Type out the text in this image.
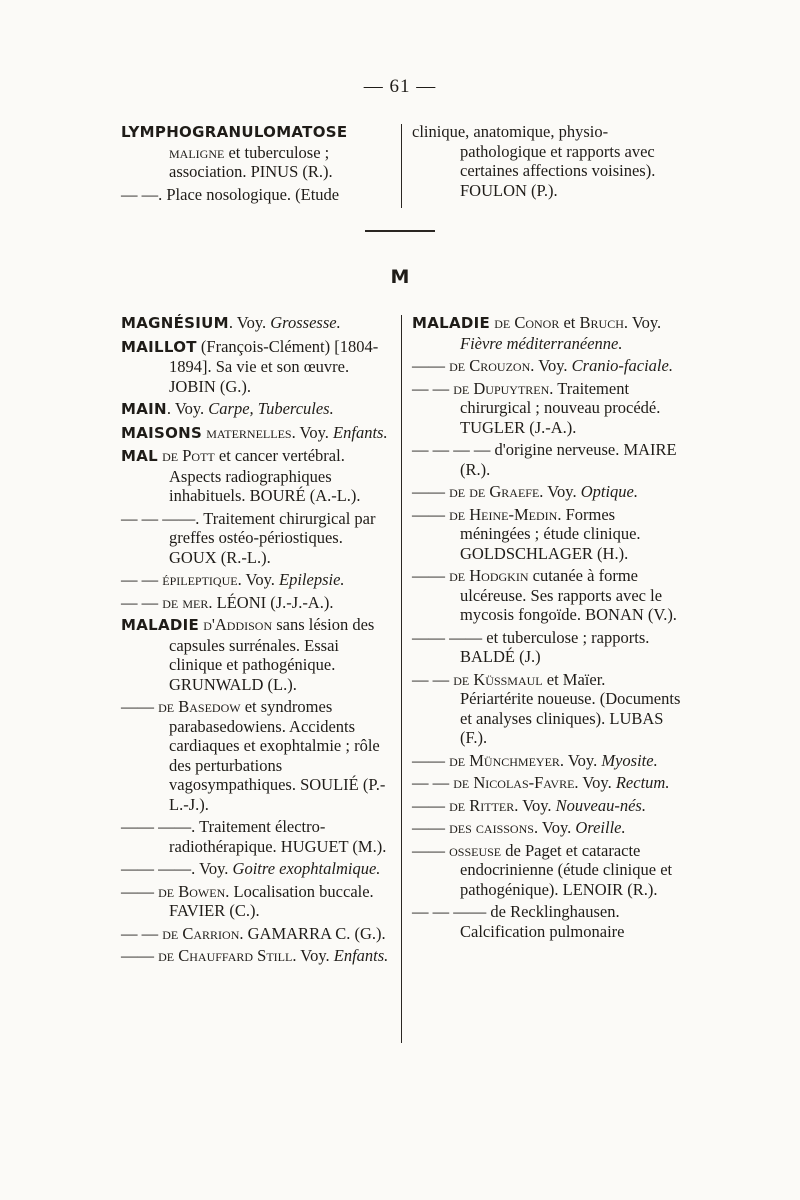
— 61 —
LYMPHOGRANULOMATOSE maligne et tuberculose ; association. PINUS (R.).
— —. Place nosologique. (Etude
clinique, anatomique, physio-pathologique et rapports avec certaines affections voisines). FOULON (P.).
M
MAGNÉSIUM. Voy. Grossesse.
MAILLOT (François-Clément) [1804-1894]. Sa vie et son œuvre. JOBIN (G.).
MAIN. Voy. Carpe, Tubercules.
MAISONS maternelles. Voy. Enfants.
MAL de Pott et cancer vertébral. Aspects radiographiques inhabituels. BOURÉ (A.-L.).
— — ——. Traitement chirurgical par greffes ostéo-périostiques. GOUX (R.-L.).
— — épileptique. Voy. Epilepsie.
— — de mer. LÉONI (J.-J.-A.).
MALADIE d'Addison sans lésion des capsules surrénales. Essai clinique et pathogénique. GRUNWALD (L.).
—— de Basedow et syndromes parabasedowiens. Accidents cardiaques et exophtalmie ; rôle des perturbations vagosympathiques. SOULIÉ (P.-L.-J.).
—— ——. Traitement électro-radiothérapique. HUGUET (M.).
—— ——. Voy. Goitre exophtalmique.
—— de Bowen. Localisation buccale. FAVIER (C.).
— — de Carrion. GAMARRA C. (G.).
—— de Chauffard Still. Voy. Enfants.
MALADIE de Conor et Bruch. Voy. Fièvre méditerranéenne.
—— de Crouzon. Voy. Cranio-faciale.
— — de Dupuytren. Traitement chirurgical ; nouveau procédé. TUGLER (J.-A.).
— — — — d'origine nerveuse. MAIRE (R.).
—— de de Graefe. Voy. Optique.
—— de Heine-Medin. Formes méningées ; étude clinique. GOLDSCHLAGER (H.).
—— de Hodgkin cutanée à forme ulcéreuse. Ses rapports avec le mycosis fongoïde. BONAN (V.).
—— —— et tuberculose ; rapports. BALDÉ (J.)
— — de Küssmaul et Maïer. Périartérite noueuse. (Documents et analyses cliniques). LUBAS (F.).
—— de Münchmeyer. Voy. Myosite.
— — de Nicolas-Favre. Voy. Rectum.
—— de Ritter. Voy. Nouveau-nés.
—— des caissons. Voy. Oreille.
—— osseuse de Paget et cataracte endocrinienne (étude clinique et pathogénique). LENOIR (R.).
— — —— de Recklinghausen. Calcification pulmonaire
